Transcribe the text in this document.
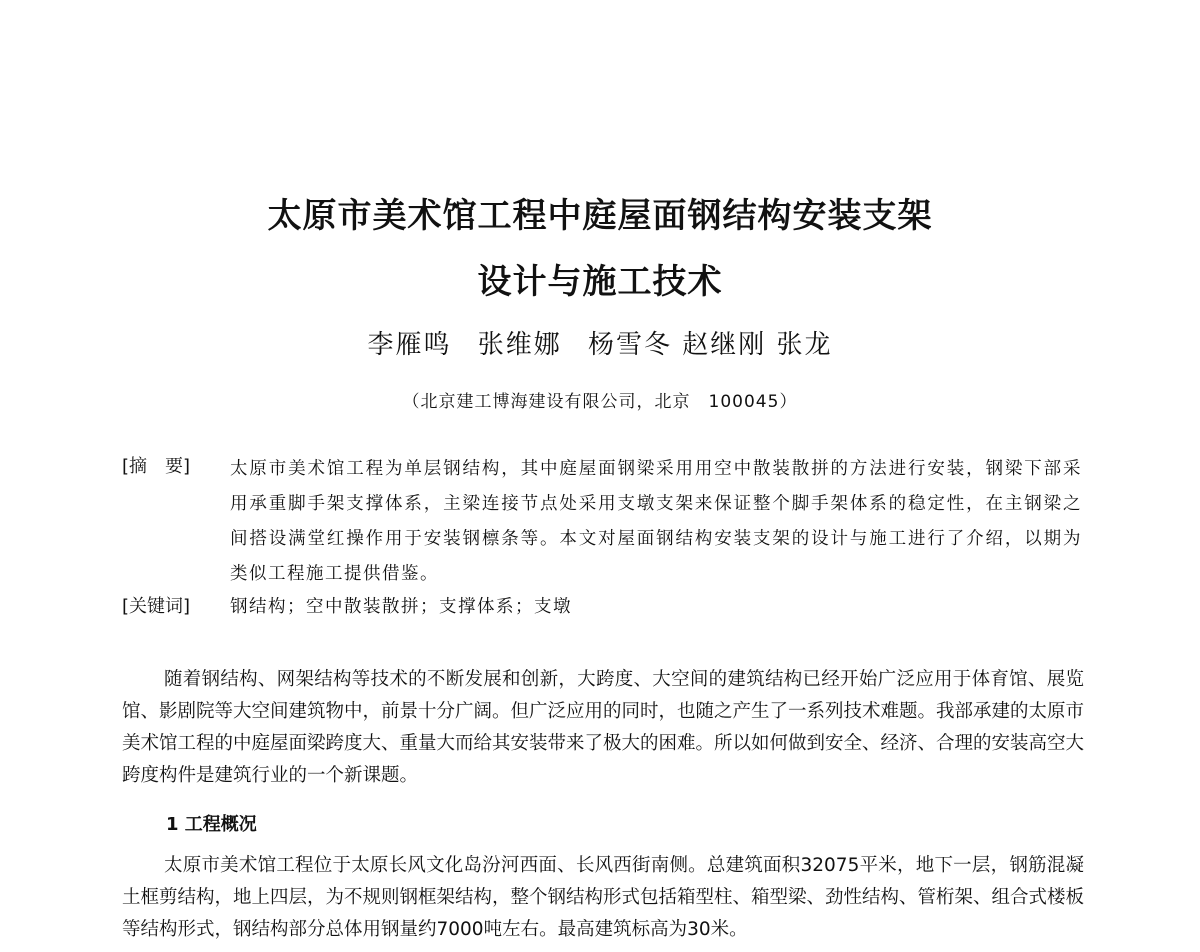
太原市美术馆工程中庭屋面钢结构安装支架
设计与施工技术
李雁鸣 张维娜 杨雪冬 赵继刚 张龙
（北京建工博海建设有限公司，北京　100045）
[摘　要] 太原市美术馆工程为单层钢结构，其中庭屋面钢梁采用用空中散装散拼的方法进行安装，钢梁下部采用承重脚手架支撑体系，主梁连接节点处采用支墩支架来保证整个脚手架体系的稳定性，在主钢梁之间搭设满堂红操作用于安装钢檩条等。本文对屋面钢结构安装支架的设计与施工进行了介绍，以期为类似工程施工提供借鉴。
[关键词] 钢结构；空中散装散拼；支撑体系；支墩
随着钢结构、网架结构等技术的不断发展和创新，大跨度、大空间的建筑结构已经开始广泛应用于体育馆、展览馆、影剧院等大空间建筑物中，前景十分广阔。但广泛应用的同时，也随之产生了一系列技术难题。我部承建的太原市美术馆工程的中庭屋面梁跨度大、重量大而给其安装带来了极大的困难。所以如何做到安全、经济、合理的安装高空大跨度构件是建筑行业的一个新课题。
1 工程概况
太原市美术馆工程位于太原长风文化岛汾河西面、长风西街南侧。总建筑面积32075平米，地下一层，钢筋混凝土框剪结构，地上四层，为不规则钢框架结构，整个钢结构形式包括箱型柱、箱型梁、劲性结构、管桁架、组合式楼板等结构形式，钢结构部分总体用钢量约7000吨左右。最高建筑标高为30米。
